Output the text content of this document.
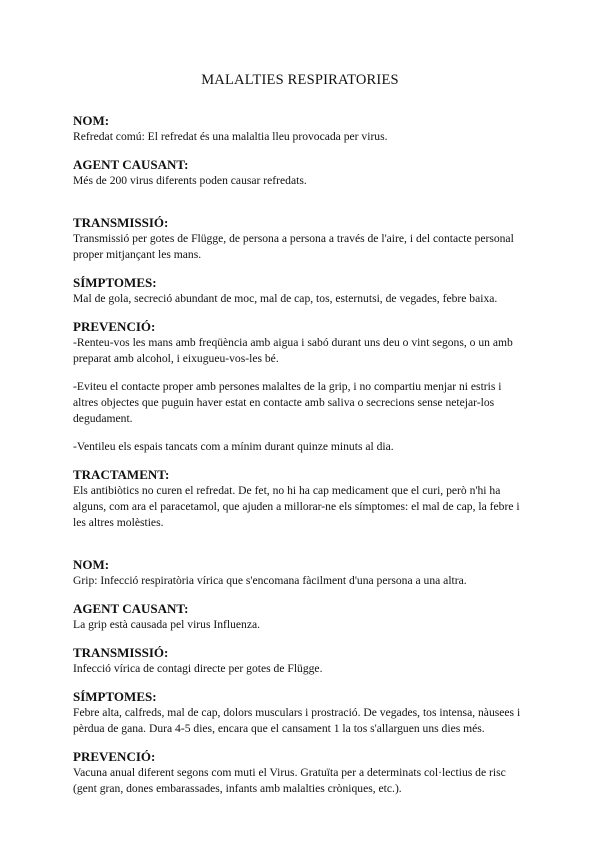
MALALTIES RESPIRATORIES
NOM:

Refredat comú: El refredat és una malaltia lleu provocada per virus.

AGENT CAUSANT:

Més de 200 virus diferents poden causar refredats.

TRANSMISSIÓ:

Transmissió per gotes de Flügge, de persona a persona a través de l'aire, i del contacte personal proper mitjançant les mans.

SÍMPTOMES:

Mal de gola, secreció abundant de moc, mal de cap, tos, esternutsi, de vegades, febre baixa.

PREVENCIÓ:

-Renteu-vos les mans amb freqüència amb aigua i sabó durant uns deu o vint segons, o un amb preparat amb alcohol, i eixugueu-vos-les bé.

-Eviteu el contacte proper amb persones malaltes de la grip, i no compartiu menjar ni estris i altres objectes que puguin haver estat en contacte amb saliva o secrecions sense netejar-los degudament.

-Ventileu els espais tancats com a mínim durant quinze minuts al dia.

TRACTAMENT:

Els antibiòtics no curen el refredat. De fet, no hi ha cap medicament que el curi, però n'hi ha alguns, com ara el paracetamol, que ajuden a millorar-ne els símptomes: el mal de cap, la febre i les altres molèsties.

NOM:

Grip: Infecció respiratòria vírica que s'encomana fàcilment d'una persona a una altra.

AGENT CAUSANT:

La grip està causada pel virus Influenza.

TRANSMISSIÓ:

Infecció vírica de contagi directe per gotes de Flügge.

SÍMPTOMES:

Febre alta, calfreds, mal de cap, dolors musculars i prostració. De vegades, tos intensa, nàusees i pèrdua de gana. Dura 4-5 dies, encara que el cansament 1 la tos s'allarguen uns dies més.

PREVENCIÓ:

Vacuna anual diferent segons com muti el Virus. Gratuïta per a determinats col·lectius de risc (gent gran, dones embarassades, infants amb malalties cròniques, etc.).
